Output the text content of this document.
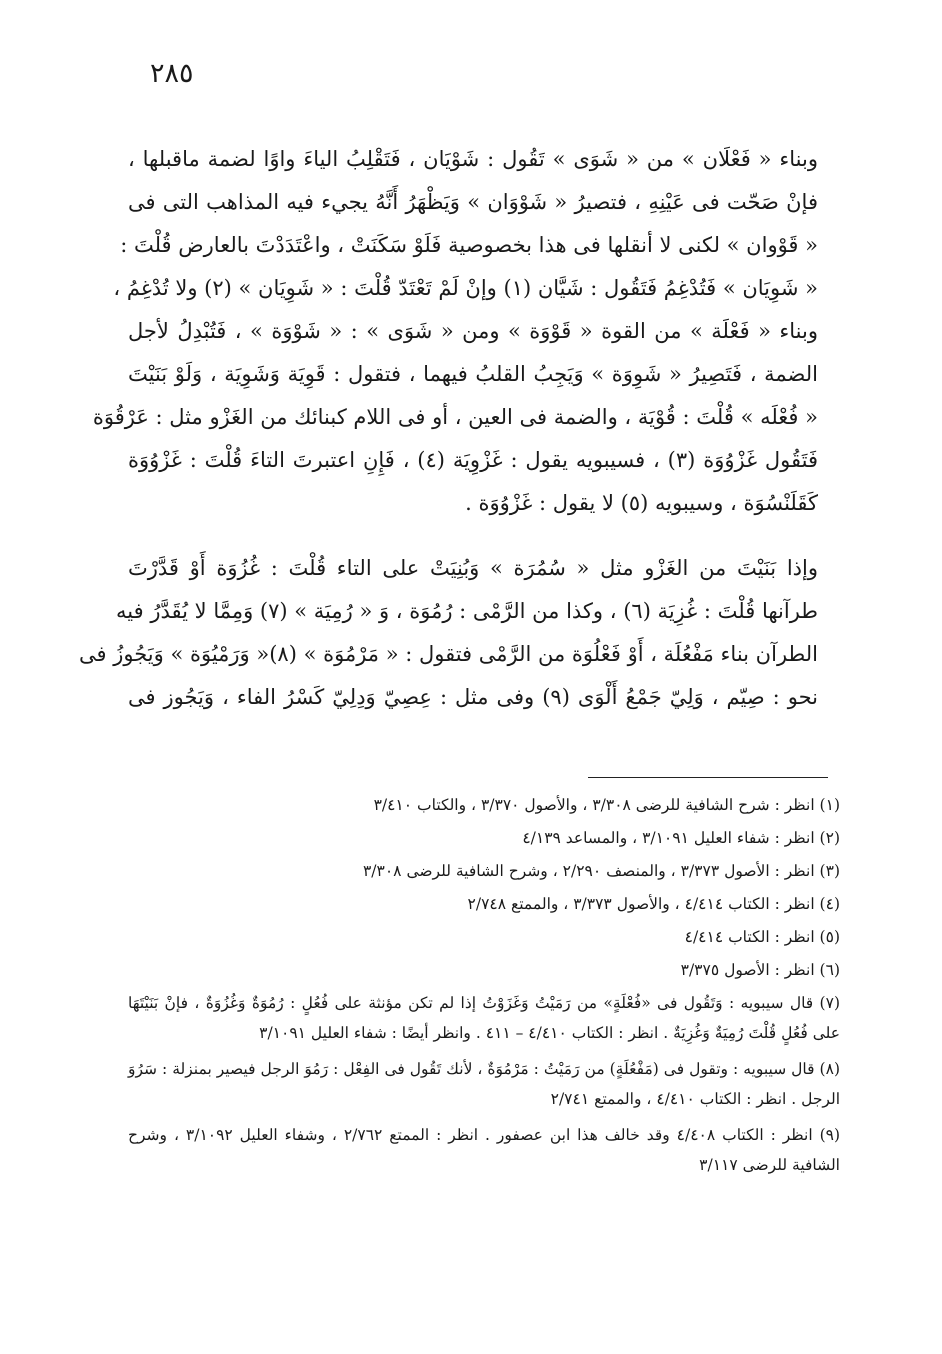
٢٨٥

وبناء « فَعْلَان » من « شَوَى » تَقُول : شَوْيَان ، فَتَقْلِبُ الياءَ واوًا لضمة ماقبلها ،
فإنْ صَحّت فى عَيْنِهِ ، فتصيرُ « شَوْوَان » وَيَظْهَرُ أَنَّهُ يجيء فيه المذاهب التى فى
« قَوْوان » لكنى لا أنقلها فى هذا بخصوصية فَلَوْ سَكَنَتْ ، واعْتَدَدْتَ بالعارض قُلْتَ :
« شَوِيَان » فَتُدْغِمُ فَتَقُول : شَيَّان (١) وإنْ لَمْ تَعْتَدّ قُلْتَ : « شَوِيَان » (٢) ولا تُدْغِمُ ،
وبناء « فَعْلَة » من القوة « قَوْوَة » ومن « شَوَى » : « شَوْوَة » ، فَتُبْدِلُ لأجل
الضمة ، فَتَصِيرُ « شَوِوَة » وَيَجِبُ القلبُ فيهما ، فتقول : قَوِيَة وَشَوِيَة ، وَلَوْ بَنَيْتَ
« فُعْلَه » قُلْتَ : قُوْيَة ، والضمة فى العين ، أو فى اللام كبنائك من الغَزْو مثل : عَرْقُوَة
فَتَقُول غَزْوُوَة (٣) ، فسيبويه يقول : غَزْوِيَة (٤) ، فَإِنِ اعتبرتَ التاءَ قُلْتَ : غَزْوُوَة
كَقَلَنْسُوَة ، وسيبويه (٥) لا يقول : غَزْوُوَة .

وإذا بَنَيْتَ من الغَزْو مثل « سُمُرَة » وَبُنِيَتْ على التاء قُلْتَ : غُزُوَة أَوْ قَدَّرْتَ
طرآنها قُلْتَ : غُزِيَة (٦) ، وكذا من الرَّمْى : رُمُوَة ، وَ « رُمِيَة » (٧) وَمِمَّا لا يُقَدَّرُ فيه
الطرآن بناء مَفْعُلَة ، أَوْ فَعْلُوَة من الرَّمْى فتقول : « مَرْمُوَة » (٨)« وَرَمْيُوَة » وَيَجُوزُ فى
نحو : صِيّم ، وَلِيّ جَمْعُ أَلْوَى (٩) وفى مثل : عِصِيّ وَدِلِيّ كَسْرُ الفاء ، وَيَجُوز فى

(١) انظر : شرح الشافية للرضى ٣/٣٠٨ ، والأصول ٣/٣٧٠ ، والكتاب ٣/٤١٠
(٢) انظر : شفاء العليل ٣/١٠٩١ ، والمساعد ٤/١٣٩
(٣) انظر : الأصول ٣/٣٧٣ ، والمنصف ٢/٢٩٠ ، وشرح الشافية للرضى ٣/٣٠٨
(٤) انظر : الكتاب ٤/٤١٤ ، والأصول ٣/٣٧٣ ، والممتع ٢/٧٤٨
(٥) انظر : الكتاب ٤/٤١٤
(٦) انظر : الأصول ٣/٣٧٥
(٧) قال سيبويه : وَتَقُول فى «فُعْلَةٍ» من رَمَيْتُ وَغَزَوْتُ إذا لم تكن مؤنثة على فُعُلٍ : رُمُوَةٌ وَغُزُوَةٌ ، فإنْ بَنَيْتَهَا على فُعُلٍ قُلْتَ رُمِيَةٌ وَغُزِيَةٌ . انظر : الكتاب ٤/٤١٠ – ٤١١ . وانظر أيضًا : شفاء العليل ٣/١٠٩١
(٨) قال سيبويه : وتقول فى (مَفْعُلَةٍ) من رَمَيْتُ : مَرْمُوَةٌ ، لأنك تَقُول فى الفِعْل : رَمُوَ الرجل فيصير بمنزلة : سَرُوَ الرجل . انظر : الكتاب ٤/٤١٠ ، والممتع ٢/٧٤١
(٩) انظر : الكتاب ٤/٤٠٨ وقد خالف هذا ابن عصفور . انظر : الممتع ٢/٧٦٢ ، وشفاء العليل ٣/١٠٩٢ ، وشرح الشافية للرضى ٣/١١٧
